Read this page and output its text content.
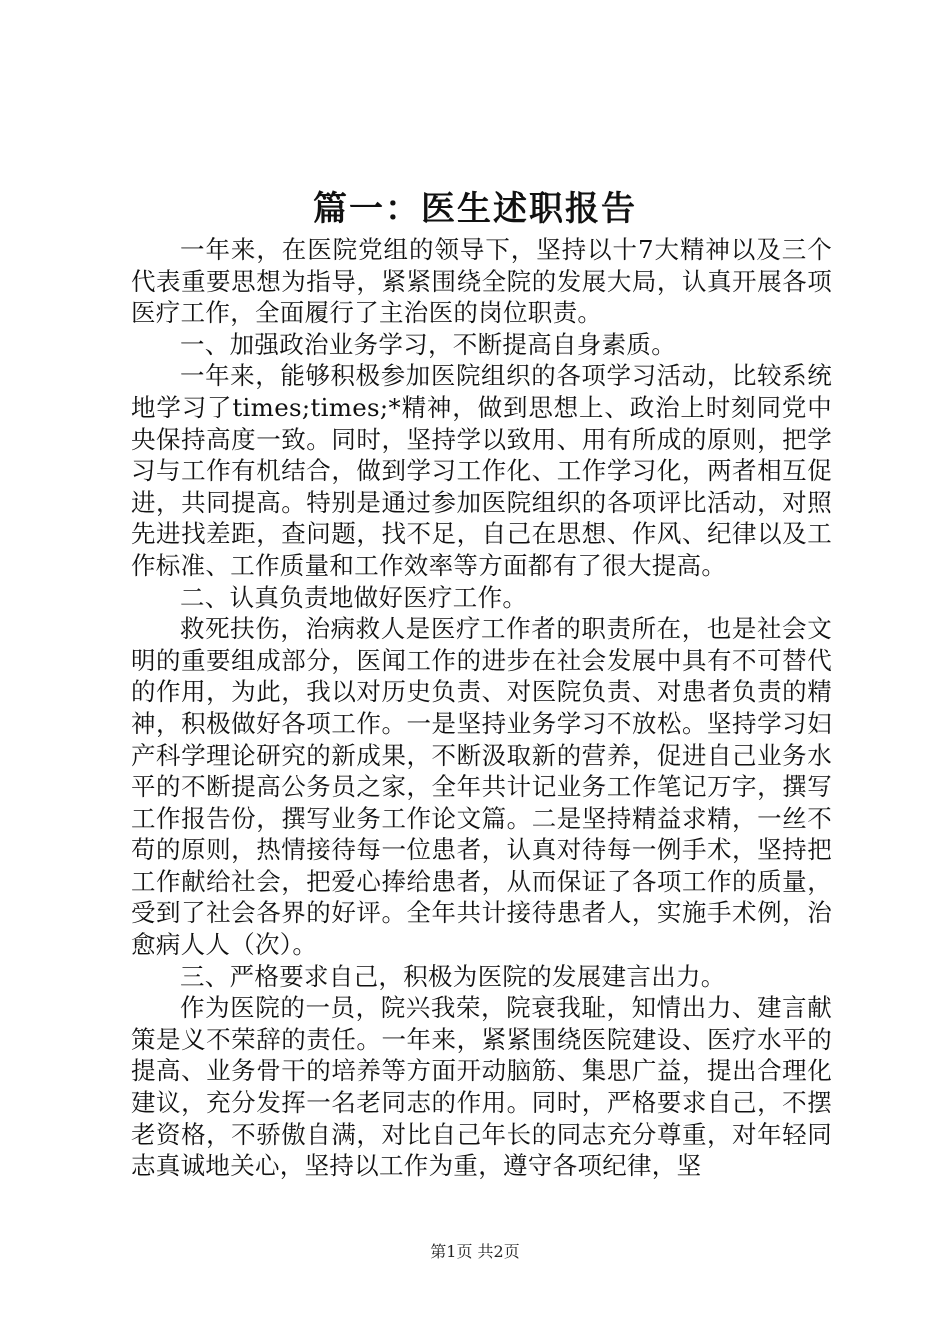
篇一：医生述职报告

一年来，在医院党组的领导下，坚持以十7大精神以及三个代表重要思想为指导，紧紧围绕全院的发展大局，认真开展各项医疗工作，全面履行了主治医的岗位职责。

一、加强政治业务学习，不断提高自身素质。

一年来，能够积极参加医院组织的各项学习活动，比较系统地学习了times;times;*精神，做到思想上、政治上时刻同党中央保持高度一致。同时，坚持学以致用、用有所成的原则，把学习与工作有机结合，做到学习工作化、工作学习化，两者相互促进，共同提高。特别是通过参加医院组织的各项评比活动，对照先进找差距，查问题，找不足，自己在思想、作风、纪律以及工作标准、工作质量和工作效率等方面都有了很大提高。

二、认真负责地做好医疗工作。

救死扶伤，治病救人是医疗工作者的职责所在，也是社会文明的重要组成部分，医闻工作的进步在社会发展中具有不可替代的作用，为此，我以对历史负责、对医院负责、对患者负责的精神，积极做好各项工作。一是坚持业务学习不放松。坚持学习妇产科学理论研究的新成果，不断汲取新的营养，促进自己业务水平的不断提高公务员之家，全年共计记业务工作笔记万字，撰写工作报告份，撰写业务工作论文篇。二是坚持精益求精，一丝不苟的原则，热情接待每一位患者，认真对待每一例手术，坚持把工作献给社会，把爱心捧给患者，从而保证了各项工作的质量，受到了社会各界的好评。全年共计接待患者人，实施手术例，治愈病人人（次）。

三、严格要求自己，积极为医院的发展建言出力。

作为医院的一员，院兴我荣，院衰我耻，知情出力、建言献策是义不荣辞的责任。一年来，紧紧围绕医院建设、医疗水平的提高、业务骨干的培养等方面开动脑筋、集思广益，提出合理化建议，充分发挥一名老同志的作用。同时，严格要求自己，不摆老资格，不骄傲自满，对比自己年长的同志充分尊重，对年轻同志真诚地关心，坚持以工作为重，遵守各项纪律，坚

第1页 共2页
